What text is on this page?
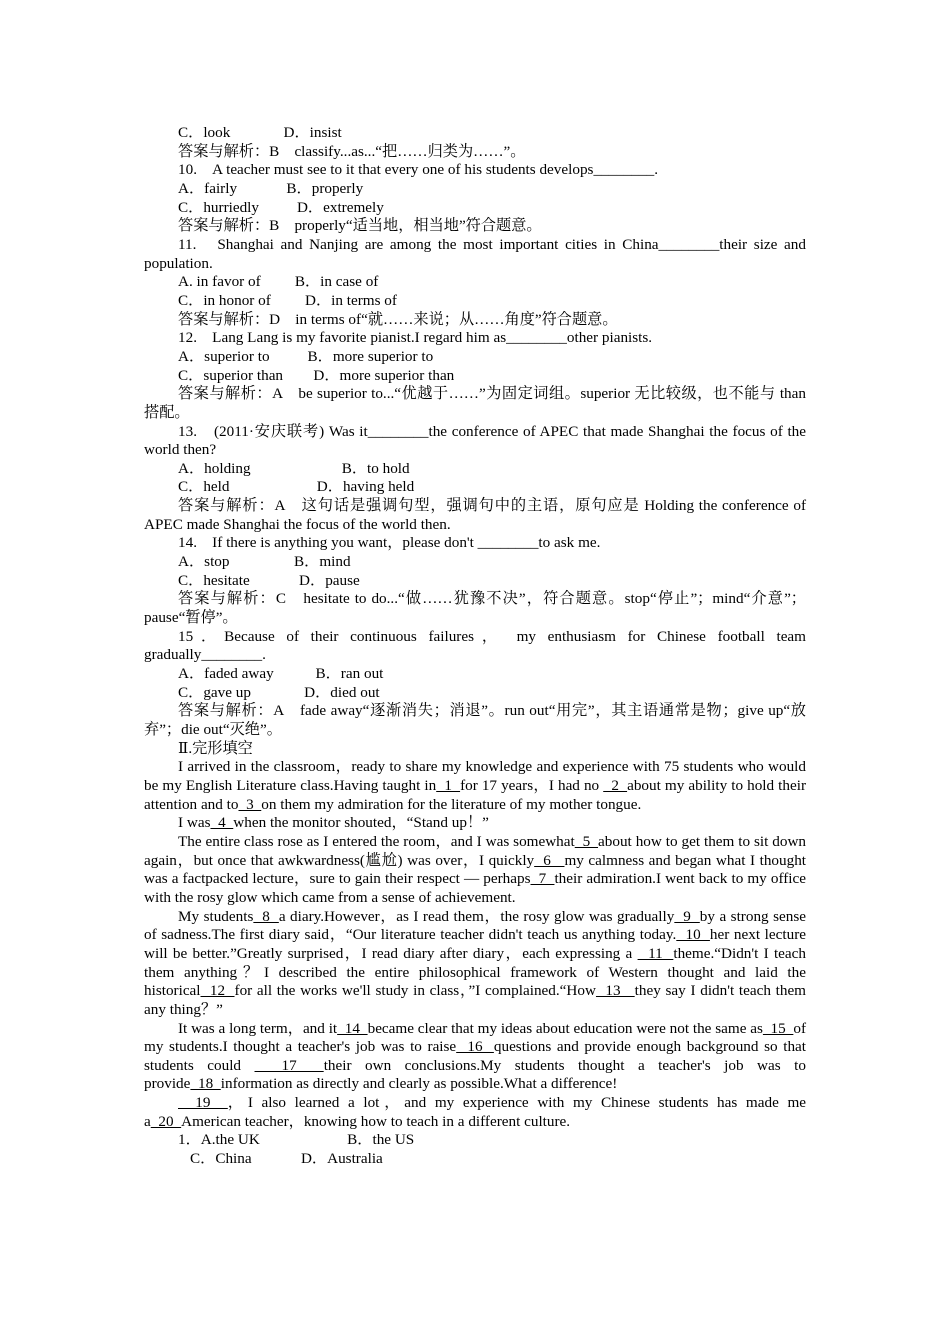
C．look              D．insist
答案与解析：B　classify...as...“把……归类为……”。
10.　A teacher must see to it that every one of his students develops________.
A．fairly             B．properly
C．hurriedly          D．extremely
答案与解析：B　properly“适当地，相当地”符合题意。
11.　Shanghai and Nanjing are among the most important cities in China________their size and population.
A. in favor of         B．in case of
C．in honor of         D．in terms of
答案与解析：D　in terms of“就……来说；从……角度”符合题意。
12.　Lang Lang is my favorite pianist.I regard him as________other pianists.
A．superior to          B．more superior to
C．superior than        D．more superior than
答案与解析：A　be superior to...“优越于……”为固定词组。superior 无比较级，也不能与 than 搭配。
13.　(2011·安庆联考) Was it________the conference of APEC that made Shanghai the focus of the world then?
A．holding                        B．to hold
C．held                       D．having held
答案与解析：A　这句话是强调句型，强调句中的主语，原句应是 Holding the conference of APEC made Shanghai the focus of the world then.
14.　If there is anything you want，please don't ________to ask me.
A．stop                 B．mind
C．hesitate             D．pause
答案与解析：C　hesitate to do...“做……犹豫不决”，符合题意。stop“停止”；mind“介意”；pause“暂停”。
15．Because of their continuous failures， my enthusiasm for Chinese football team gradually________.
A．faded away           B．ran out
C．gave up              D．died out
答案与解析：A　fade away“逐渐消失；消退”。run out“用完”，其主语通常是物；give up“放弃”；die out“灭绝”。
Ⅱ.完形填空
I arrived in the classroom，ready to share my knowledge and experience with 75 students who would be my English Literature class.Having taught in  1  for 17 years，I had no   2  about my ability to hold their attention and to  3  on them my admiration for the literature of my mother tongue.
I was  4  when the monitor shouted，“Stand up！”
The entire class rose as I entered the room，and I was somewhat  5  about how to get them to sit down again，but once that awkwardness(尴尬) was over，I quickly  6   my calmness and began what I thought was a factpacked lecture，sure to gain their respect — perhaps  7  their admiration.I went back to my office with the rosy glow which came from a sense of achievement.
My students  8  a diary.However，as I read them，the rosy glow was gradually  9  by a strong sense of sadness.The first diary said，“Our literature teacher didn't teach us anything today.  10  her next lecture will be better.”Greatly surprised，I read diary after diary，each expressing a   11  theme.“Didn't I teach them anything？I described the entire philosophical framework of Western thought and laid the historical  12  for all the works we'll study in class，”I complained.“How  13   they say I didn't teach them any thing？”
It was a long term，and it  14  became clear that my ideas about education were not the same as  15  of my students.I thought a teacher's job was to raise  16  questions and provide enough background so that students could   17  their own conclusions.My students thought a teacher's job was to provide  18  information as directly and clearly as possible.What a difference!
19  ，I also learned a lot，and my experience with my Chinese students has made me a  20  American teacher，knowing how to teach in a different culture.
1．A.the UK                       B．the US
C．China             D．Australia
